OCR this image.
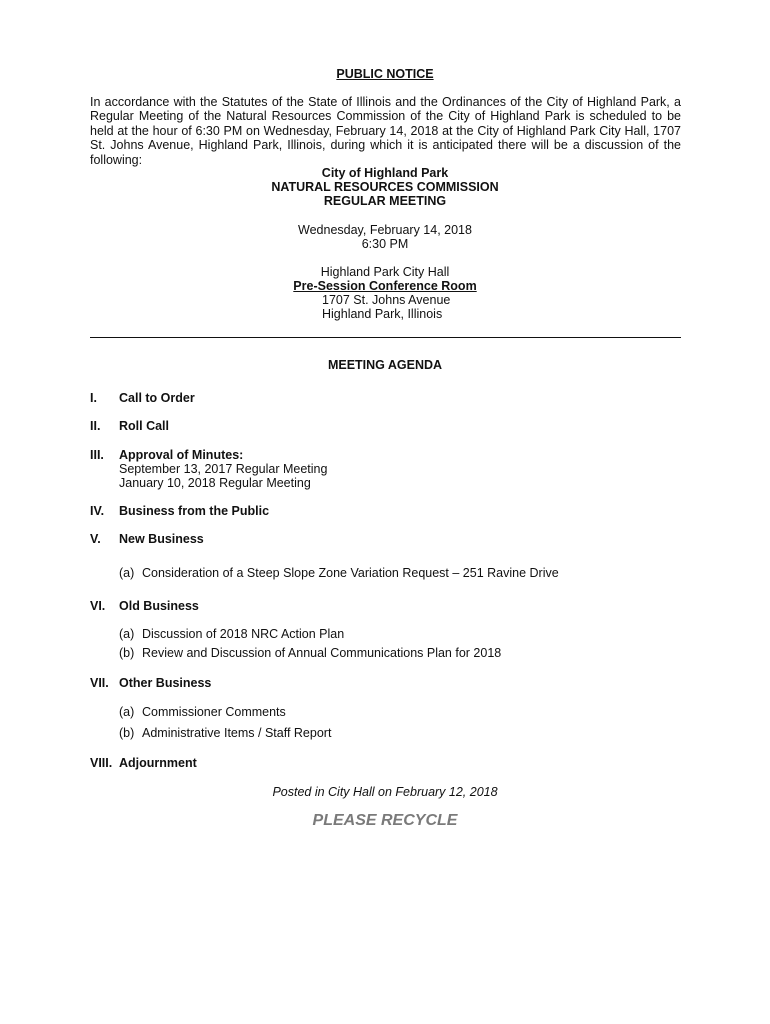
PUBLIC NOTICE
In accordance with the Statutes of the State of Illinois and the Ordinances of the City of Highland Park, a Regular Meeting of the Natural Resources Commission of the City of Highland Park is scheduled to be held at the hour of 6:30 PM on Wednesday, February 14, 2018 at the City of Highland Park City Hall, 1707 St. Johns Avenue, Highland Park, Illinois, during which it is anticipated there will be a discussion of the following:
City of Highland Park
NATURAL RESOURCES COMMISSION
REGULAR MEETING
Wednesday, February 14, 2018
6:30 PM
Highland Park City Hall
Pre-Session Conference Room
1707 St. Johns Avenue
Highland Park, Illinois
MEETING AGENDA
I. Call to Order
II. Roll Call
III. Approval of Minutes:
September 13, 2017 Regular Meeting
January 10, 2018 Regular Meeting
IV. Business from the Public
V. New Business
(a) Consideration of a Steep Slope Zone Variation Request – 251 Ravine Drive
VI. Old Business
(a) Discussion of 2018 NRC Action Plan
(b) Review and Discussion of Annual Communications Plan for 2018
VII. Other Business
(a) Commissioner Comments
(b) Administrative Items / Staff Report
VIII. Adjournment
Posted in City Hall on February 12, 2018
PLEASE RECYCLE
